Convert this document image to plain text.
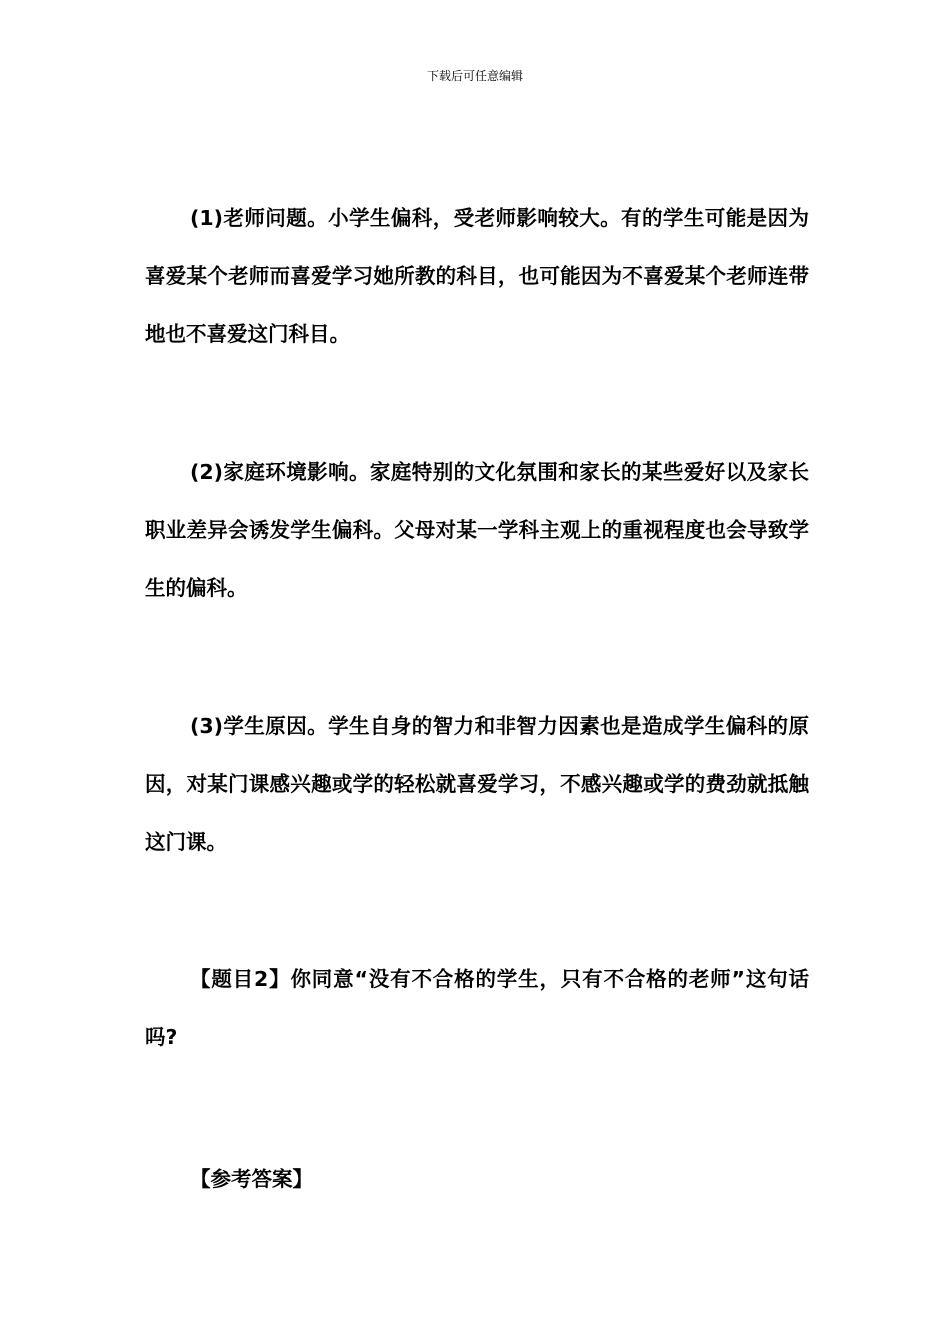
下载后可任意编辑

(1)老师问题。小学生偏科，受老师影响较大。有的学生可能是因为喜爱某个老师而喜爱学习她所教的科目，也可能因为不喜爱某个老师连带地也不喜爱这门科目。

(2)家庭环境影响。家庭特别的文化氛围和家长的某些爱好以及家长职业差异会诱发学生偏科。父母对某一学科主观上的重视程度也会导致学生的偏科。

(3)学生原因。学生自身的智力和非智力因素也是造成学生偏科的原因，对某门课感兴趣或学的轻松就喜爱学习，不感兴趣或学的费劲就抵触这门课。

【题目2】你同意“没有不合格的学生，只有不合格的老师”这句话吗?

【参考答案】
